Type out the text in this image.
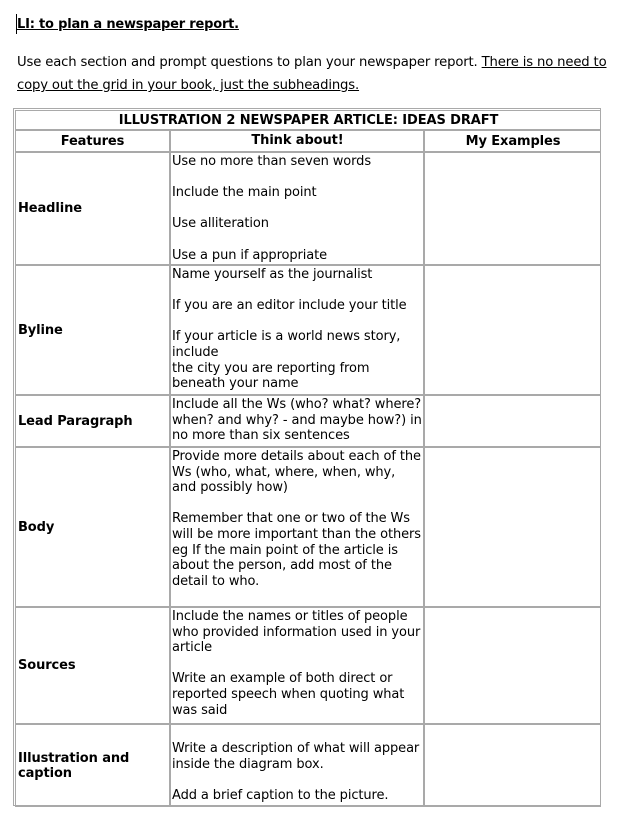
LI: to plan a newspaper report.
Use each section and prompt questions to plan your newspaper report. There is no need to copy out the grid in your book, just the subheadings.
ILLUSTRATION 2 NEWSPAPER ARTICLE: IDEAS DRAFT		
Features	Think about!	My Examples
Headline	Use no more than seven words

Include the main point

Use alliteration

Use a pun if appropriate	

Byline	Name yourself as the journalist

If you are an editor include your title

If your article is a world news story, include

the city you are reporting from beneath your name	

Lead Paragraph	Include all the Ws (who? what? where? when? and why? - and maybe how?) in no more than six sentences	

Body	Provide more details about each of the Ws (who, what, where, when, why, and possibly how)

Remember that one or two of the Ws will be more important than the others

eg If the main point of the article is about the person, add most of the detail to who.	

Sources	Include the names or titles of people who provided information used in your article

Write an example of both direct or reported speech when quoting what was said	

Illustration and caption	Write a description of what will appear inside the diagram box.

Add a brief caption to the picture.	
